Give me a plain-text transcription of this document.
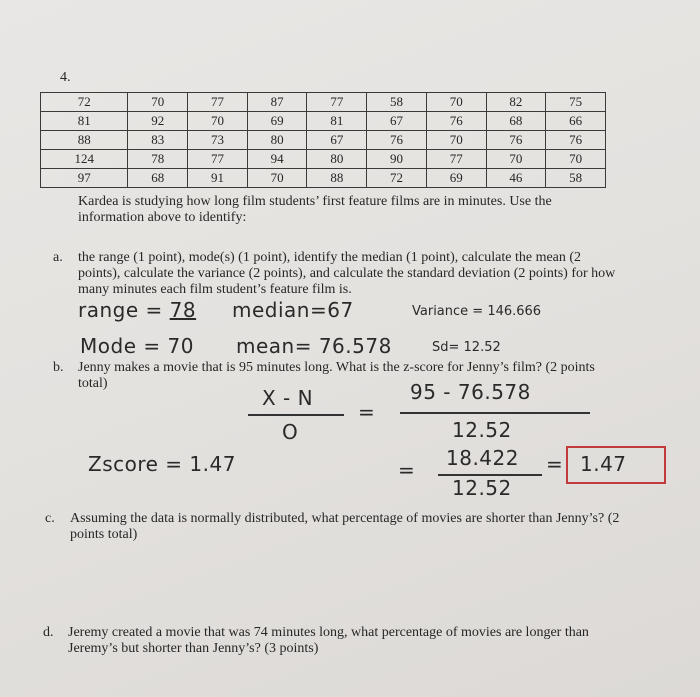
4.
72	70	77	87	77	58	70	82	75
81	92	70	69	81	67	76	68	66
88	83	73	80	67	76	70	76	76
124	78	77	94	80	90	77	70	70
97	68	91	70	88	72	69	46	58
Kardea is studying how long film students’ first feature films are in minutes. Use the information above to identify:
a. the range (1 point), mode(s) (1 point), identify the median (1 point), calculate the mean (2 points), calculate the variance (2 points), and calculate the standard deviation (2 points) for how many minutes each film student’s feature film is.
range = 78 median=67	Variance = 146.666
Mode = 70 mean= 76.578	Sd= 12.52
b. Jenny makes a movie that is 95 minutes long. What is the z-score for Jenny’s film? (2 points total)
X - N
O
=
95 - 76.578
12.52
Zscore = 1.47	= 18.422
12.52
= 1.47
c. Assuming the data is normally distributed, what percentage of movies are shorter than Jenny’s? (2 points total)
d. Jeremy created a movie that was 74 minutes long, what percentage of movies are longer than Jeremy’s but shorter than Jenny’s? (3 points)
